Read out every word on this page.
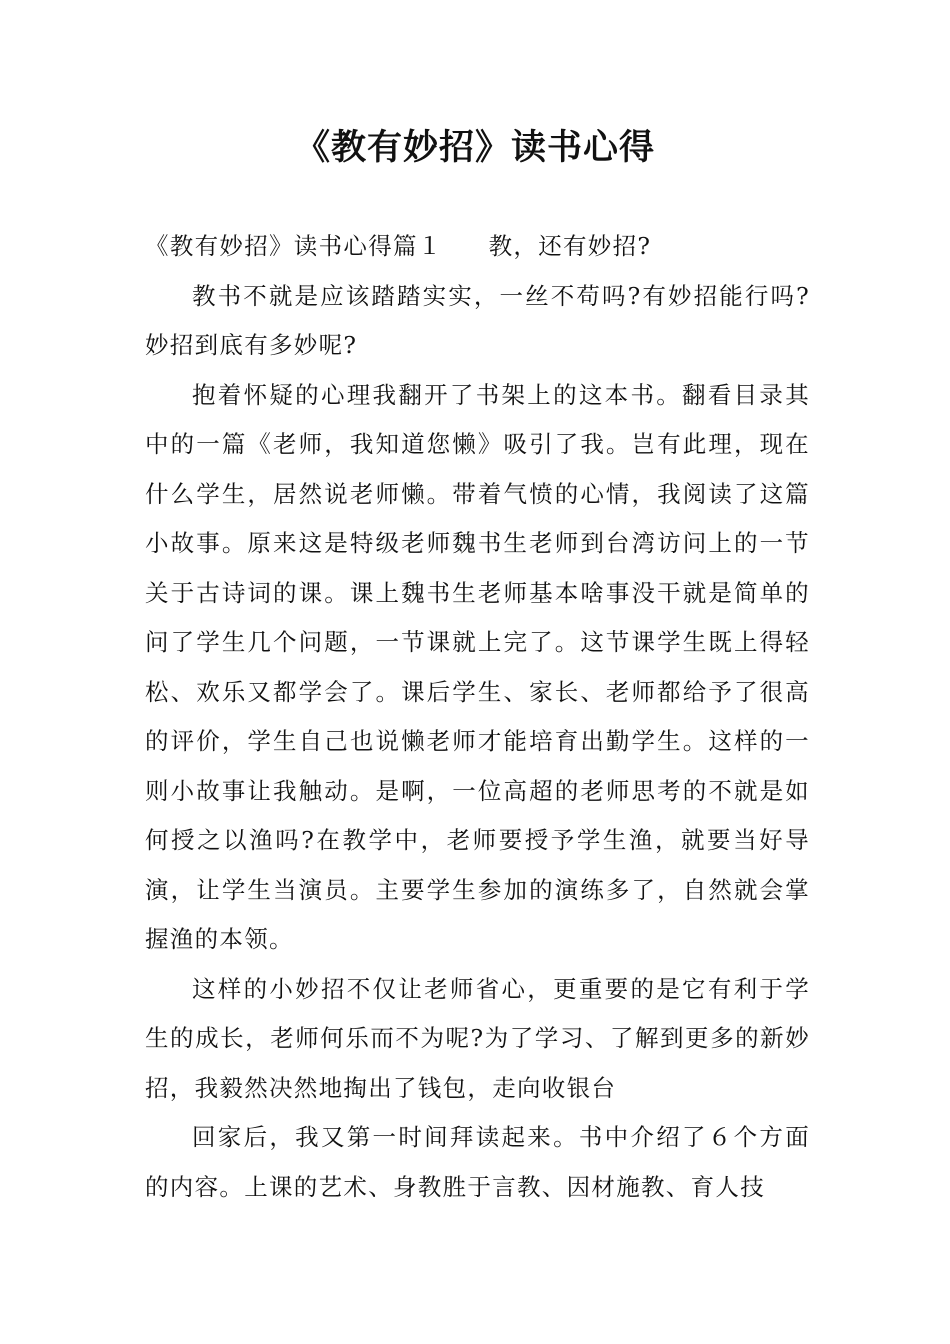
《教有妙招》读书心得

《教有妙招》读书心得篇１ 教，还有妙招?

教书不就是应该踏踏实实，一丝不苟吗?有妙招能行吗?妙招到底有多妙呢?

抱着怀疑的心理我翻开了书架上的这本书。翻看目录其中的一篇《老师，我知道您懒》吸引了我。岂有此理，现在什么学生，居然说老师懒。带着气愤的心情，我阅读了这篇小故事。原来这是特级老师魏书生老师到台湾访问上的一节关于古诗词的课。课上魏书生老师基本啥事没干就是简单的问了学生几个问题，一节课就上完了。这节课学生既上得轻松、欢乐又都学会了。课后学生、家长、老师都给予了很高的评价，学生自己也说懒老师才能培育出勤学生。这样的一则小故事让我触动。是啊，一位高超的老师思考的不就是如何授之以渔吗?在教学中，老师要授予学生渔，就要当好导演，让学生当演员。主要学生参加的演练多了，自然就会掌握渔的本领。

这样的小妙招不仅让老师省心，更重要的是它有利于学生的成长，老师何乐而不为呢?为了学习、了解到更多的新妙招，我毅然决然地掏出了钱包，走向收银台

回家后，我又第一时间拜读起来。书中介绍了６个方面的内容。上课的艺术、身教胜于言教、因材施教、育人技
